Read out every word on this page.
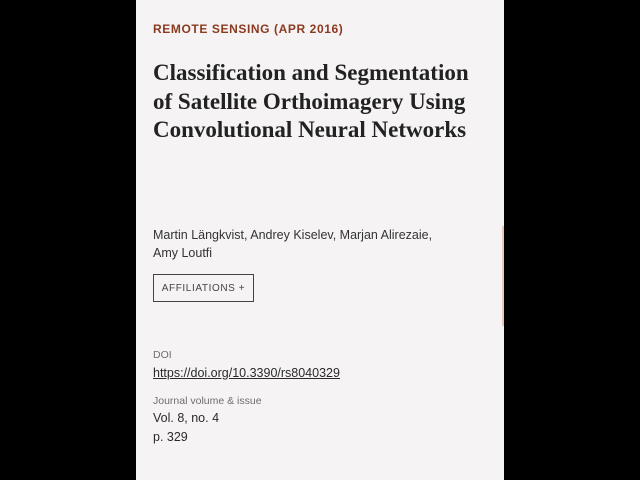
REMOTE SENSING (APR 2016)
Classification and Segmentation of Satellite Orthoimagery Using Convolutional Neural Networks
Martin Längkvist, Andrey Kiselev, Marjan Alirezaie, Amy Loutfi
AFFILIATIONS +
DOI
https://doi.org/10.3390/rs8040329
Journal volume & issue
Vol. 8, no. 4
p. 329
